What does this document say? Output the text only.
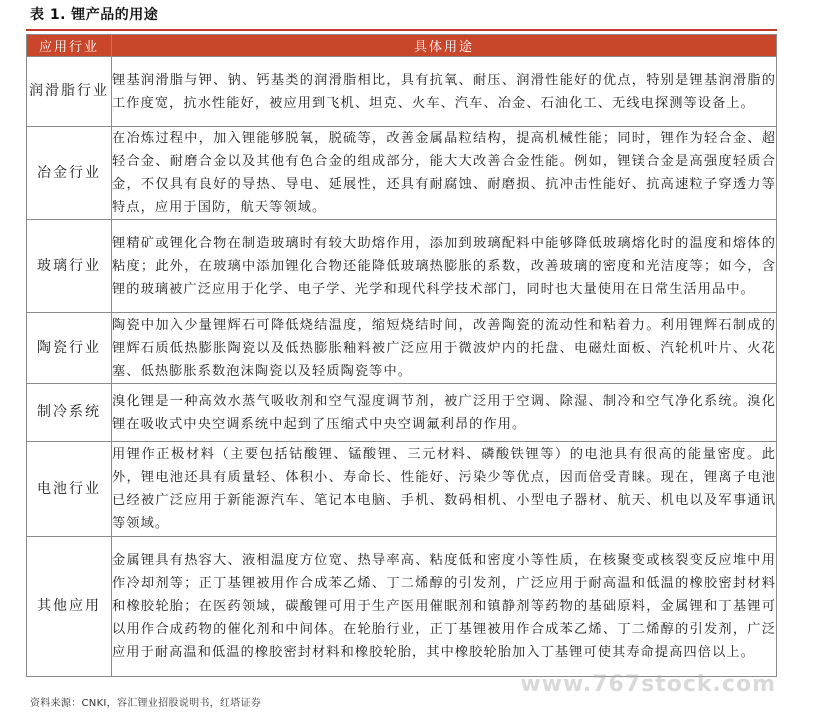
表 1. 锂产品的用途
应用行业	具体用途
润滑脂行业	锂基润滑脂与钾、钠、钙基类的润滑脂相比，具有抗氧、耐压、润滑性能好的优点，特别是锂基润滑脂的工作度宽，抗水性能好，被应用到飞机、坦克、火车、汽车、冶金、石油化工、无线电探测等设备上。
冶金行业	在冶炼过程中，加入锂能够脱氧，脱硫等，改善金属晶粒结构，提高机械性能；同时，锂作为轻合金、超轻合金、耐磨合金以及其他有色合金的组成部分，能大大改善合金性能。例如，锂镁合金是高强度轻质合金，不仅具有良好的导热、导电、延展性，还具有耐腐蚀、耐磨损、抗冲击性能好、抗高速粒子穿透力等特点，应用于国防，航天等领域。
玻璃行业	锂精矿或锂化合物在制造玻璃时有较大助熔作用，添加到玻璃配料中能够降低玻璃熔化时的温度和熔体的粘度；此外，在玻璃中添加锂化合物还能降低玻璃热膨胀的系数，改善玻璃的密度和光洁度等；如今，含锂的玻璃被广泛应用于化学、电子学、光学和现代科学技术部门，同时也大量使用在日常生活用品中。
陶瓷行业	陶瓷中加入少量锂辉石可降低烧结温度，缩短烧结时间，改善陶瓷的流动性和粘着力。利用锂辉石制成的锂辉石质低热膨胀陶瓷以及低热膨胀釉料被广泛应用于微波炉内的托盘、电磁灶面板、汽轮机叶片、火花塞、低热膨胀系数泡沫陶瓷以及轻质陶瓷等中。
制冷系统	溴化锂是一种高效水蒸气吸收剂和空气湿度调节剂，被广泛用于空调、除湿、制冷和空气净化系统。溴化锂在吸收式中央空调系统中起到了压缩式中央空调氟利昂的作用。
电池行业	用锂作正极材料（主要包括钴酸锂、锰酸锂、三元材料、磷酸铁锂等）的电池具有很高的能量密度。此外，锂电池还具有质量轻、体积小、寿命长、性能好、污染少等优点，因而倍受青睐。现在，锂离子电池已经被广泛应用于新能源汽车、笔记本电脑、手机、数码相机、小型电子器材、航天、机电以及军事通讯等领域。
其他应用	金属锂具有热容大、液相温度方位宽、热导率高、粘度低和密度小等性质，在核聚变或核裂变反应堆中用作冷却剂等；正丁基锂被用作合成苯乙烯、丁二烯醇的引发剂，广泛应用于耐高温和低温的橡胶密封材料和橡胶轮胎；在医药领域，碳酸锂可用于生产医用催眠剂和镇静剂等药物的基础原料，金属锂和丁基锂可以用作合成药物的催化剂和中间体。在轮胎行业，正丁基锂被用作合成苯乙烯、丁二烯醇的引发剂，广泛应用于耐高温和低温的橡胶密封材料和橡胶轮胎，其中橡胶轮胎加入丁基锂可使其寿命提高四倍以上。
资料来源：CNKI，容汇锂业招股说明书，红塔证券
www.767stock.com
